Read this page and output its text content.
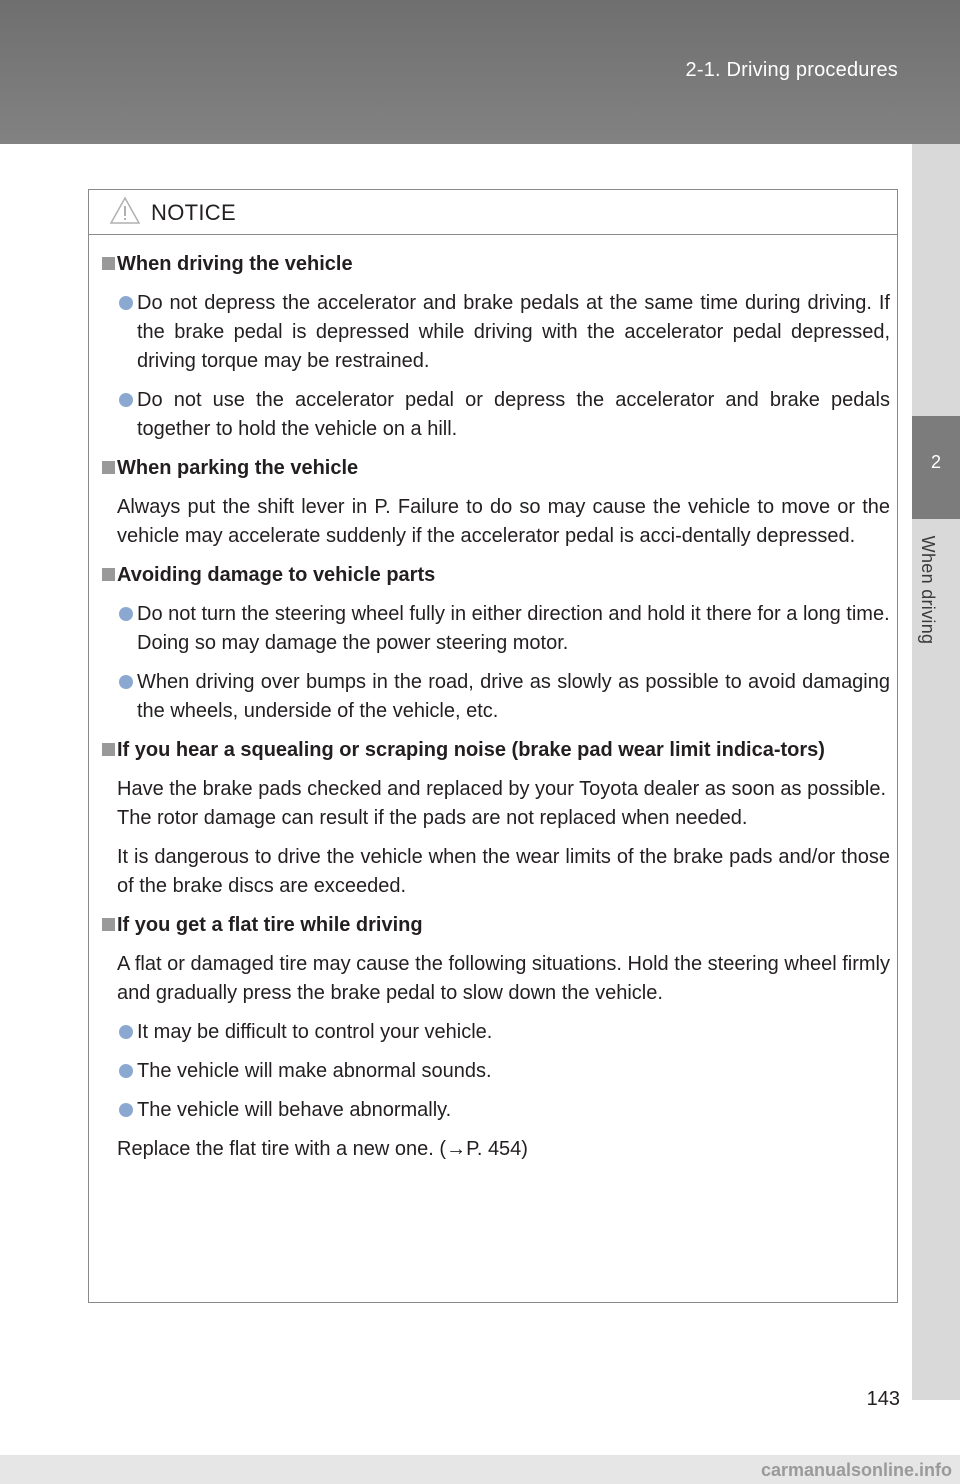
2-1. Driving procedures
2
When driving
NOTICE
When driving the vehicle
Do not depress the accelerator and brake pedals at the same time during driving. If the brake pedal is depressed while driving with the accelerator pedal depressed, driving torque may be restrained.
Do not use the accelerator pedal or depress the accelerator and brake pedals together to hold the vehicle on a hill.
When parking the vehicle
Always put the shift lever in P. Failure to do so may cause the vehicle to move or the vehicle may accelerate suddenly if the accelerator pedal is acci-dentally depressed.
Avoiding damage to vehicle parts
Do not turn the steering wheel fully in either direction and hold it there for a long time.
Doing so may damage the power steering motor.
When driving over bumps in the road, drive as slowly as possible to avoid damaging the wheels, underside of the vehicle, etc.
If you hear a squealing or scraping noise (brake pad wear limit indica-tors)
Have the brake pads checked and replaced by your Toyota dealer as soon as possible.
The rotor damage can result if the pads are not replaced when needed.
It is dangerous to drive the vehicle when the wear limits of the brake pads and/or those of the brake discs are exceeded.
If you get a flat tire while driving
A flat or damaged tire may cause the following situations. Hold the steering wheel firmly and gradually press the brake pedal to slow down the vehicle.
It may be difficult to control your vehicle.
The vehicle will make abnormal sounds.
The vehicle will behave abnormally.
Replace the flat tire with a new one. (→P. 454)
143
carmanualsonline.info
